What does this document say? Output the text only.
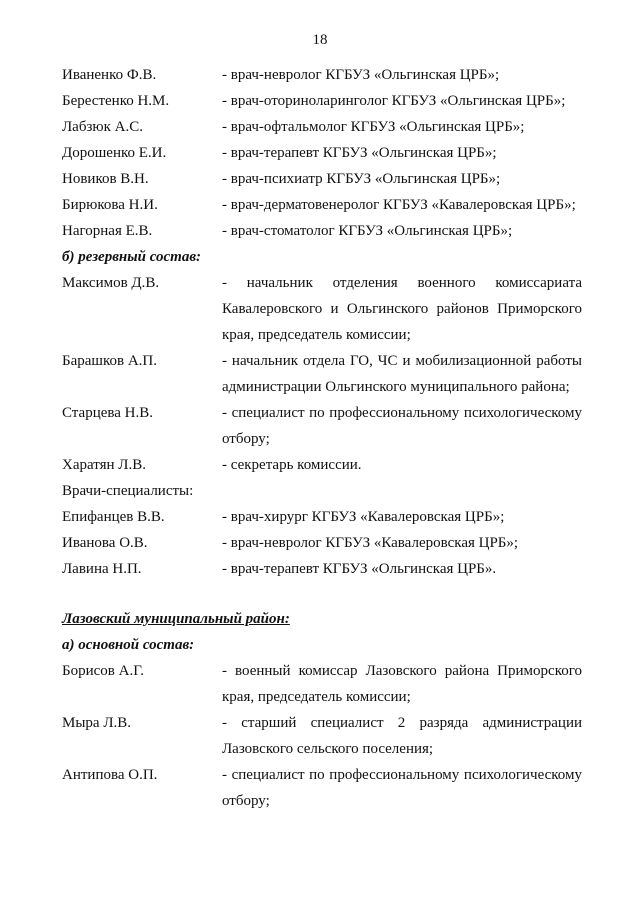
18
Иваненко Ф.В.	- врач-невролог КГБУЗ «Ольгинская ЦРБ»;
Берестенко Н.М.	- врач-оториноларинголог КГБУЗ «Ольгинская ЦРБ»;
Лабзюк А.С.	- врач-офтальмолог КГБУЗ «Ольгинская ЦРБ»;
Дорошенко Е.И.	- врач-терапевт КГБУЗ «Ольгинская ЦРБ»;
Новиков В.Н.	- врач-психиатр КГБУЗ «Ольгинская ЦРБ»;
Бирюкова Н.И.	- врач-дерматовенеролог КГБУЗ «Кавалеровская ЦРБ»;
Нагорная Е.В.	- врач-стоматолог КГБУЗ «Ольгинская ЦРБ»;
б) резервный состав:
Максимов Д.В.	- начальник отделения военного комиссариата Кавалеровского и Ольгинского районов Приморского края, председатель комиссии;
Барашков А.П.	- начальник отдела ГО, ЧС и мобилизационной работы администрации Ольгинского муниципального района;
Старцева Н.В.	- специалист по профессиональному психологическому отбору;
Харатян Л.В.	- секретарь комиссии.
Врачи-специалисты:
Епифанцев В.В.	- врач-хирург КГБУЗ «Кавалеровская ЦРБ»;
Иванова О.В.	- врач-невролог КГБУЗ «Кавалеровская ЦРБ»;
Лавина Н.П.	- врач-терапевт КГБУЗ «Ольгинская ЦРБ».
Лазовский муниципальный район:
а) основной состав:
Борисов А.Г.	- военный комиссар Лазовского района Приморского края, председатель комиссии;
Мыра Л.В.	- старший специалист 2 разряда администрации Лазовского сельского поселения;
Антипова О.П.	- специалист по профессиональному психологическому отбору;
